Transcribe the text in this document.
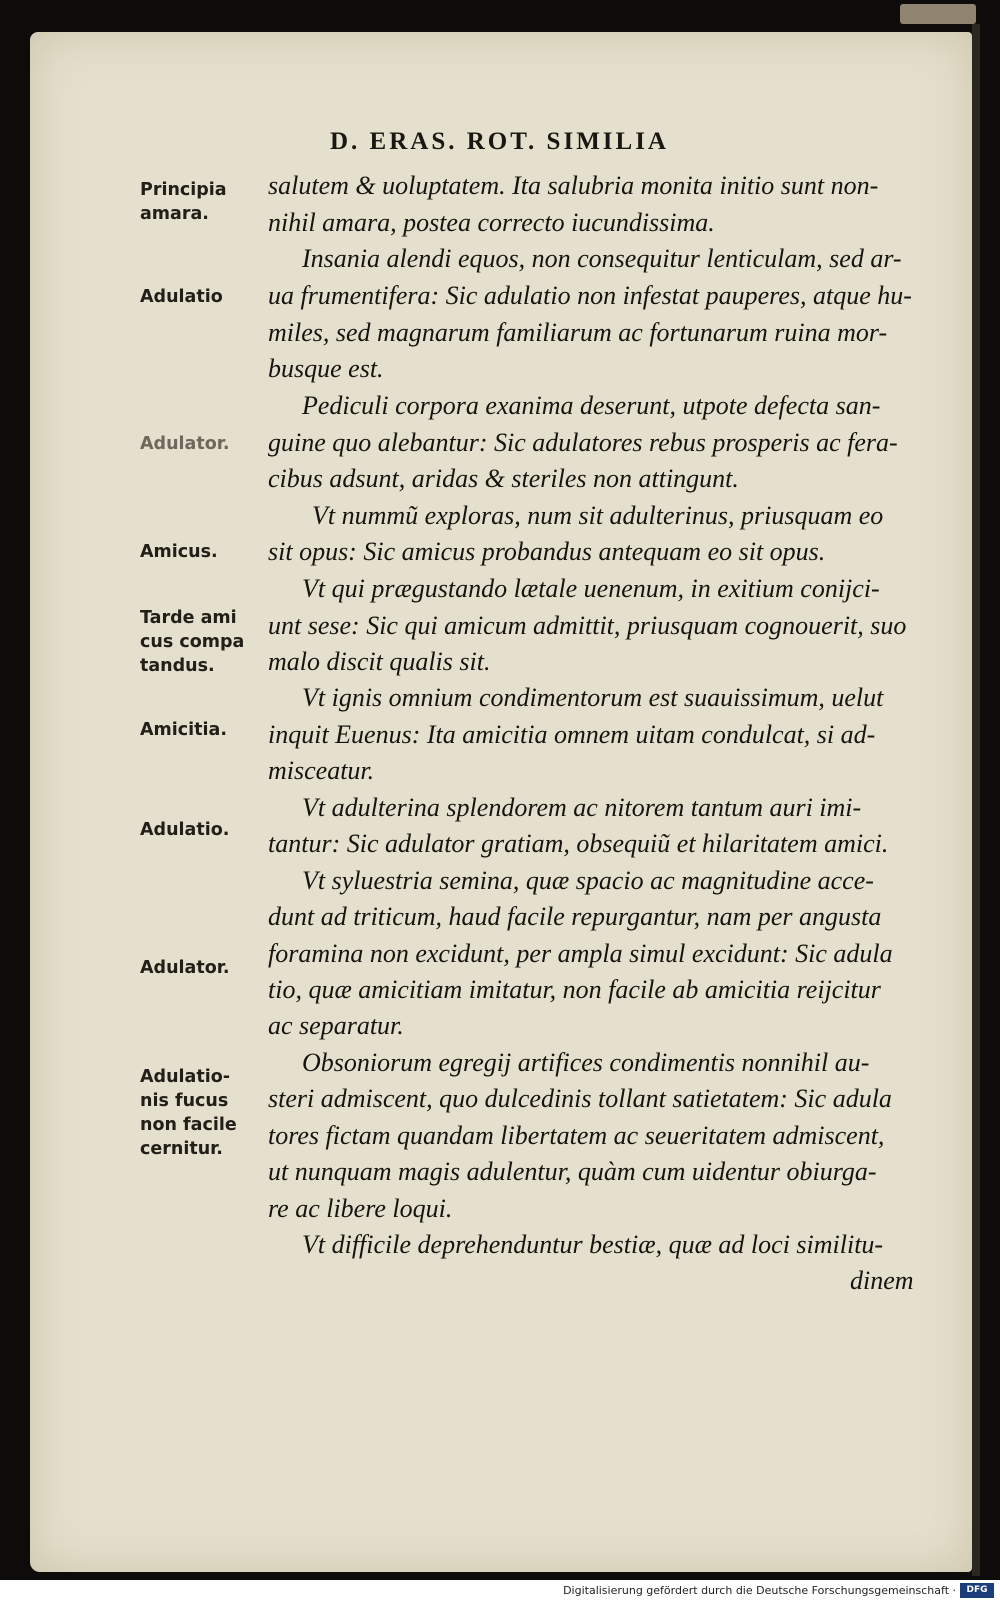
D. ERAS. ROT. SIMILIA
Principia
amara.
Adulatio
Adulator.
Amicus.
Tarde ami
cus compa
tandus.
Amicitia.
Adulatio.
Adulator.
Adulatio-
nis fucus
non facile
cernitur.
salutem & uoluptatem. Ita salubria monita initio sunt non-
nihil amara, postea correcto iucundissima.
Insania alendi equos, non consequitur lenticulam, sed ar-
ua frumentifera: Sic adulatio non infestat pauperes, atque hu-
miles, sed magnarum familiarum ac fortunarum ruina mor-
busque est.
Pediculi corpora exanima deserunt, utpote defecta san-
guine quo alebantur: Sic adulatores rebus prosperis ac fera-
cibus adsunt, aridas & steriles non attingunt.
Vt nummũ exploras, num sit adulterinus, priusquam eo
sit opus: Sic amicus probandus antequam eo sit opus.
Vt qui prægustando lætale uenenum, in exitium conijci-
unt sese: Sic qui amicum admittit, priusquam cognouerit, suo
malo discit qualis sit.
Vt ignis omnium condimentorum est suauissimum, uelut
inquit Euenus: Ita amicitia omnem uitam condulcat, si ad-
misceatur.
Vt adulterina splendorem ac nitorem tantum auri imi-
tantur: Sic adulator gratiam, obsequiũ et hilaritatem amici.
Vt syluestria semina, quæ spacio ac magnitudine acce-
dunt ad triticum, haud facile repurgantur, nam per angusta
foramina non excidunt, per ampla simul excidunt: Sic adula
tio, quæ amicitiam imitatur, non facile ab amicitia reijcitur
ac separatur.
Obsoniorum egregij artifices condimentis nonnihil au-
steri admiscent, quo dulcedinis tollant satietatem: Sic adula
tores fictam quandam libertatem ac seueritatem admiscent,
ut nunquam magis adulentur, quàm cum uidentur obiurga-
re ac libere loqui.
Vt difficile deprehenduntur bestiæ, quæ ad loci similitu-
dinem
Digitalisierung gefördert durch die Deutsche Forschungsgemeinschaft ·	DFG
